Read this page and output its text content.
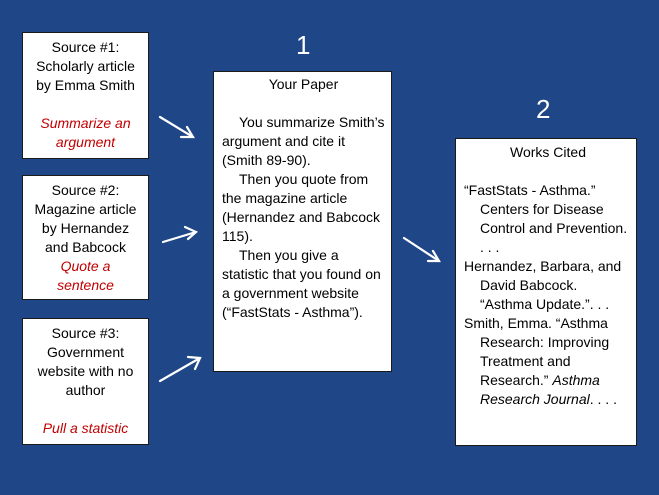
1
2
Source #1:
Scholarly article
by Emma Smith
Summarize an
argument
Source #2:
Magazine article
by Hernandez
and Babcock
Quote a
sentence
Source #3:
Government
website with no
author
Pull a statistic
Your Paper

You summarize Smith’s argument and cite it (Smith 89-90).

Then you quote from the magazine article (Hernandez and Babcock 115).

Then you give a statistic that you found on a government website (“FastStats - Asthma”).

Works Cited
“FastStats - Asthma.” Centers for Disease Control and Prevention. . . .
Hernandez, Barbara, and David Babcock. “Asthma Update.”. . .
Smith, Emma. “Asthma Research: Improving Treatment and Research.” Asthma Research Journal. . . .
